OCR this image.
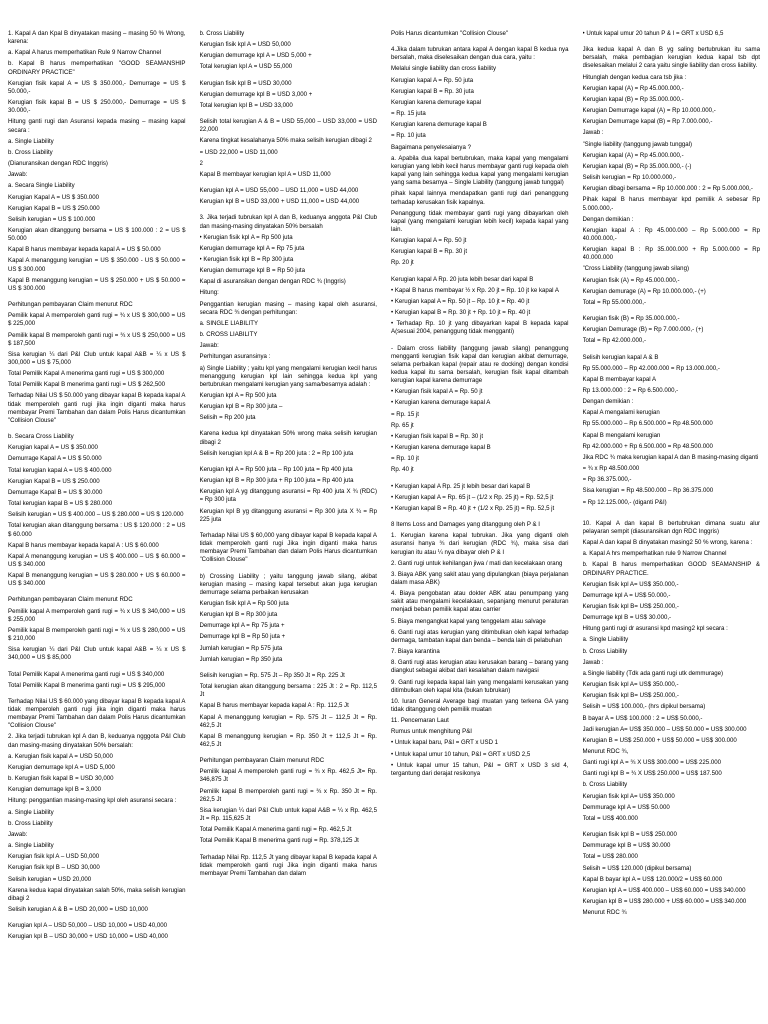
1. Kapal A dan Kpal B dinyatakan masing – masing 50 % Wrong, karena:

a. Kapal A harus memperhatikan Rule 9 Narrow Channel

b. Kapal B harus memperhatikan "GOOD SEAMANSHIP ORDINARY PRACTICE"

Kerugian fisik kapal A = US $ 350.000,- Demurrage = US $ 50.000,-

Kerugian fisik kapal B = US $ 250.000,- Demurrage = US $ 30.000,-

Hitung ganti rugi dan Asuransi kepada masing – masing kapal secara :

a. Single Liability

b. Cross Liability

(Dianuransikan dengan RDC Inggris)

Jawab:

a. Secara Single Liability

Kerugian Kapal A = US $ 350.000

Kerugian Kapal B = US $ 250.000

Selisih kerugian = US $ 100.000

Kerugian akan ditanggung bersama = US $ 100.000 : 2 = US $ 50.000

Kapal B harus membayar kepada kapal A = US $ 50.000

Kapal A menanggung kerugian = US $ 350.000 - US $ 50.000 = US $ 300.000

Kapal B menanggung kerugian = US $ 250.000 + US $ 50.000 = US $ 300.000

Perhitungan pembayaran Claim menurut RDC

Pemilik kapal A memperoleh ganti rugi = ¾ x US $ 300,000 = US $ 225,000

Pemilik kapal B memperoleh ganti rugi = ¾ x US $ 250,000 = US $ 187,500

Sisa kerugian ¼ dari P&I Club untuk kapal A&B = ¼ x US $ 300,000 = US $ 75,000

Total Pemilik Kapal A menerima ganti rugi = US $ 300,000

Total Pemilik Kapal B menerima ganti rugi = US $ 262,500

Terhadap Nilai US $ 50.000 yang dibayar kapal B kepada kapal A tidak memperoleh ganti rugi jika ingin diganti maka harus membayar Premi Tambahan dan dalam Polis Harus dicantumkan "Collision Clouse"

b. Secara Cross Liability

Kerugian kapal A = US $ 350.000

Demurrage Kapal A = US $ 50.000

Total kerugian kapal A = US $ 400.000

Kerugian Kapal B = US $ 250.000

Demurrage Kapal B = US $ 30.000

Total kerugian kapal B = US $ 280.000

Selisih kerugian = US $ 400.000 – US $ 280.000 = US $ 120.000

Total kerugian akan ditanggung bersama : US $ 120.000 : 2 = US $ 60.000

Kapal B harus membayar kepada kapal A : US $ 60.000

Kapal A menanggung kerugian = US $ 400.000 – US $ 60.000 = US $ 340.000

Kapal B menanggung kerugian = US $ 280.000 + US $ 60.000 = US $ 340.000

Perhitungan pembayaran Claim menurut RDC

Pemilik kapal A memperoleh ganti rugi = ¾ x US $ 340,000 = US $ 255,000

Pemilik kapal B memperoleh ganti rugi = ¾ x US $ 280,000 = US $ 210,000

Sisa kerugian ¼ dari P&I Club untuk kapal A&B = ¼ x US $ 340,000 = US $ 85,000

Total Pemilik Kapal A menerima ganti rugi = US $ 340,000

Total Pemilik Kapal B menerima ganti rugi = US $ 295,000

Terhadap Nilai US $ 60.000 yang dibayar kapal B kepada kapal A tidak memperoleh ganti rugi jika ingin diganti maka harus membayar Premi Tambahan dan dalam Polis Harus dicantumkan "Collision Clouse"

2. Jika terjadi tubrukan kpl A dan B, keduanya ngggota P&I Club dan masing-masing dinyatakan 50% bersalah:

a. Kerugian fisik kapal A = USD 50,000

Kerugian demurrage kpl A = USD 5,000

b. Kerugian fisik kapal B = USD 30,000

Kerugian demurrage kpl B = 3,000

Hitung: penggantian masing-masing kpl oleh asuransi secara :

a. Single Liability

b. Cross Liability

Jawab:

a. Single Liability

Kerugian fisik kpl A – USD 50,000

Kerugian fisik kpl B – USD 30,000

Selisih kerugian = USD 20,000

Karena kedua kapal dinyatakan salah 50%, maka selisih kerugian dibagi 2

Selisih kerugian A & B = USD 20,000 = USD 10,000

Kerugian kpl A – USD 50,000 – USD 10,000 = USD 40,000

Kerugian kpl B – USD 30,000 + USD 10,000 = USD 40,000

b. Cross Liability

Kerugian fisik kpl A = USD 50,000

Kerugian demurrage kpl A = USD 5,000 +

Total kerugian kpl A = USD 55,000

Kerugian fisik kpl B = USD 30,000

Kerugian demurrage kpl B = USD 3,000 +

Total kerugian kpl B = USD 33,000

Selisih total kerugian A & B = USD 55,000 – USD 33,000 = USD 22,000

Karena tingkat kesalahanya 50% maka selisih kerugian dibagi 2

= USD 22,000 = USD 11,000

2

Kapal B membayar kerugian kpl A = USD 11,000

Kerugian kpl A = USD 55,000 – USD 11,000 = USD 44,000

Kerugian kpl B = USD 33,000 + USD 11,000 = USD 44,000

3. Jika terjadi tubrukan kpl A dan B, keduanya anggota P&I Club dan masing-masing dinyatakan 50% bersalah

• Kerugian fisik kpl A = Rp 500 juta

Kerugian demurrage kpl A = Rp 75 juta

• Kerugian fisik kpl B = Rp 300 juta

Kerugian demurrage kpl B = Rp 50 juta

Kapal di asuransikan dengan dengan RDC ¾ (Inggris)

Hitung:

Penggantian kerugian masing – masing kapal oleh asuransi, secara RDC ¾ dengan perhitungan:

a. SINGLE LIABILITY

b. CROSS LIABILITY

Jawab:

Perhitungan asuransinya :

a) Single Liability ; yaitu kpl yang mengalami kerugian kecil harus menanggung kerugian kpl lain sehingga kedua kpl yang bertubrukan mengalami kerugian yang sama/besarnya adalah :

Kerugian kpl A = Rp 500 juta

Kerugian kpl B = Rp 300 juta –

Selisih = Rp 200 juta

Karena kedua kpl dinyatakan 50% wrong maka selisih kerugian dibagi 2

Selisih kerugian kpl A & B = Rp 200 juta : 2 = Rp 100 juta

Kerugian kpl A = Rp 500 juta – Rp 100 juta = Rp 400 juta

Kerugian kpl B = Rp 300 juta + Rp 100 juta = Rp 400 juta

Kerugian kpl A yg ditanggung asuransi = Rp 400 juta X ¾ (RDC) = Rp 300 juta

Kerugian kpl B yg ditanggung asuransi = Rp 300 juta X ¾ = Rp 225 juta

Terhadap Nilai US $ 60,000 yang dibayar kapal B kepada kapal A tidak memperoleh ganti rugi Jika ingin diganti maka harus membayar Premi Tambahan dan dalam Polis Harus dicantumkan "Collision Clouse"

b) Crossing Liability ; yaitu tanggung jawab silang, akibat kerugian masing – masing kapal tersebut akan juga kerugian demurrage selama perbaikan kerusakan

Kerugian fisik kpl A = Rp 500 juta

Kerugian kpl B = Rp 300 juta

Demurrage kpl A = Rp 75 juta +

Demurrage kpl B = Rp 50 juta +

Jumlah kerugian = Rp 575 juta

Jumlah kerugian = Rp 350 juta

Selisih kerugian = Rp. 575 Jt – Rp 350 Jt = Rp. 225 Jt

Total kerugian akan ditanggung bersama : 225 Jt : 2 = Rp. 112,5 Jt

Kapal B harus membayar kepada kapal A : Rp. 112,5 Jt

Kapal A menanggung kerugian = Rp. 575 Jt – 112,5 Jt = Rp. 462,5 Jt

Kapal B menanggung kerugian = Rp. 350 Jt + 112,5 Jt = Rp. 462,5 Jt

Perhitungan pembayaran Claim menurut RDC

Pemilik kapal A memperoleh ganti rugi = ¾ x Rp. 462,5 Jt= Rp. 346,875 Jt

Pemilik kapal B memperoleh ganti rugi = ¾ x Rp. 350 Jt = Rp. 262,5 Jt

Sisa kerugian ¼ dari P&I Club untuk kapal A&B = ¼ x Rp. 462,5 Jt = Rp. 115,625 Jt

Total Pemilik Kapal A menerima ganti rugi = Rp. 462,5 Jt

Total Pemilik Kapal B menerima ganti rugi = Rp. 378,125 Jt

Terhadap Nilai Rp. 112,5 Jt yang dibayar kapal B kepada kapal A tidak memperoleh ganti rugi Jika ingin diganti maka harus membayar Premi Tambahan dan dalam

Polis Harus dicantumkan "Collision Clouse"

4.Jika dalam tubrukan antara kapal A dengan kapal B kedua nya bersalah, maka diselesaikan dengan dua cara, yaitu :

Melalui single liability dan cross liability

Kerugian kapal A = Rp. 50 juta

Kerugian kapal B = Rp. 30 juta

Kerugian karena demurage kapal

= Rp. 15 juta

Kerugian karena demurage kapal B

= Rp. 10 juta

Bagaimana penyelesaianya ?

a. Apabila dua kapal bertubrukan, maka kapal yang mengalami kerugian yang lebih kecil harus membayar ganti rugi kepada oleh kapal yang lain sehingga kedua kapal yang mengalami kerugian yang sama besarnya – Single Liability (tanggung jawab tunggal)

pihak kapal lainnya mendapatkan ganti rugi dari penanggung terhadap kerusakan fisik kapalnya.

Penanggung tidak membayar ganti rugi yang dibayarkan oleh kapal (yang mengalami kerugian lebih kecil) kepada kapal yang lain.

Kerugian kapal A = Rp. 50 jt

Kerugian kapal B = Rp. 30 jt

Rp. 20 jt

Kerugian kapal A Rp. 20 juta lebih besar dari kapal B

• Kapal B harus membayar ½ x Rp. 20 jt = Rp. 10 jt ke kapal A

• Kerugian kapal A = Rp. 50 jt – Rp. 10 jt = Rp. 40 jt

• Kerugian kapal B = Rp. 30 jt + Rp. 10 jt = Rp. 40 jt

• Terhadap Rp. 10 jt yang dibayarkan kapal B kepada kapal A(sesuai 2004, penanggung tidak mengganti)

- Dalam cross liability (tanggung jawab silang) penanggung mengganti kerugian fisik kapal dan kerugian akibat demurrage, selama perbaikan kapal (repair atau re docking) dengan kondisi kedua kapal itu sama bersalah, kerugian fisik kapal ditambah kerugian kapal karena demurrage

• Kerugian fisik kapal A = Rp. 50 jt

• Kerugian karena demurage kapal A

= Rp. 15 jt

Rp. 65 jt

• Kerugian fisik kapal B = Rp. 30 jt

• Kerugian karena demurage kapal B

= Rp. 10 jt

Rp. 40 jt

• Kerugian kapal A Rp. 25 jt lebih besar dari kapal B

• Kerugian kapal A = Rp. 65 jt – (1/2 x Rp. 25 jt) = Rp. 52,5 jt

• Kerugian kapal B = Rp. 40 jt + (1/2 x Rp. 25 jt) = Rp. 52,5 jt

8 Items Loss and Damages yang ditanggung oleh P & I

1. Kerugian karena kapal tubrukan. Jika yang diganti oleh asuransi hanya ¾ dari kerugian (RDC ¾), maka sisa dari kerugian itu atau ¼ nya dibayar oleh P & I

2. Ganti rugi untuk kehilangan jiwa / mati dan kecelakaan orang

3. Biaya ABK yang sakit atau yang dipulangkan (biaya perjalanan dalam masa ABK)

4. Biaya pengobatan atau dokter ABK atau penumpang yang sakit atau mengalami kecelakaan, sepanjang menurut peraturan menjadi beban pemilik kapal atau carrier

5. Biaya mengangkat kapal yang tenggelam atau salvage

6. Ganti rugi atas kerugian yang ditimbulkan oleh kapal terhadap dermaga, tambatan kapal dan benda – benda lain di pelabuhan

7. Biaya karantina

8. Ganti rugi atas kerugian atau kerusakan barang – barang yang diangkut sebagai akibat dari kesalahan dalam navigasi

9. Ganti rugi kepada kapal lain yang mengalami kerusakan yang ditimbulkan oleh kapal kita (bukan tubrukan)

10. Iuran General Average bagi muatan yang terkena GA yang tidak ditanggung oleh pemilik muatan

11. Pencemaran Laut

Rumus untuk menghitung P&I

• Untuk kapal baru, P&I = GRT x USD 1

• Untuk kapal umur 10 tahun, P&I = GRT x USD 2,5

• Untuk kapal umur 15 tahun, P&I = GRT x USD 3 s/d 4, tergantung dari derajat resikonya

• Untuk kapal umur 20 tahun P & I = GRT x USD 6,5

Jika kedua kapal A dan B yg saling bertubrukan itu sama bersalah, maka pembagian kerugian kedua kapal tsb dpt diselesaikan melalui 2 cara yaitu single liability dan cross liability.

Hitunglah dengan kedua cara tsb jika :

Kerugian kapal (A) = Rp 45.000.000,-

Kerugian kapal (B) = Rp 35.000.000,-

Kerugian Demurrage kapal (A) = Rp 10.000.000,-

Kerugian Demurrage kapal (B) = Rp 7.000.000,-

Jawab :

"Single liability (tanggung jawab tunggal)

Kerugian kapal (A) = Rp 45.000.000,-

Kerugian kapal (B) = Rp 35.000.000,- (-)

Selisih kerugian = Rp 10.000.000,-

Kerugian dibagi bersama = Rp 10.000.000 : 2 = Rp 5.000.000,-

Pihak kapal B harus membayar kpd pemilik A sebesar Rp 5.000.000,-

Dengan demikian :

Kerugian kapal A : Rp 45.000.000 – Rp 5.000.000 = Rp 40.000.000,-

Kerugian kapal B : Rp 35.000.000 + Rp 5.000.000 = Rp 40.000.000

"Cross Liability (tanggung jawab silang)

Kerugian fisik (A) = Rp 45.000.000,-

Kerugian demurage (A) = Rp 10.000.000,- (+)

Total = Rp 55.000.000,-

Kerugian fisik (B) = Rp 35.000.000,-

Kerugian Demurage (B) = Rp 7.000.000,- (+)

Total = Rp 42.000.000,-

Selisih kerugian kapal A & B

Rp 55.000.000 – Rp 42.000.000 = Rp 13.000.000,-

Kapal B membayar kapal A

Rp 13.000.000 : 2 = Rp 6.500.000,-

Dengan demikian :

Kapal A mengalami kerugian

Rp 55.000.000 – Rp 6.500.000 = Rp 48.500.000

Kapal B mengalami kerugian

Rp 42.000.000 + Rp 6.500.000 = Rp 48.500.000

Jika RDC ¾ maka kerugian kapal A dan B masing-masing diganti

= ¾ x Rp 48.500.000

= Rp 36.375.000,-

Sisa kerugian = Rp 48.500.000 – Rp 36.375.000

= Rp 12.125.000,- (diganti P&I)

10. Kapal A dan kapal B bertubrukan dimana suatu alur pelayaran sempit (diasuransikan dgn RDC Inggris)

Kapal A dan kapal B dinyatakan masing2 50 % wrong, karena :

a. Kapal A hrs memperhatikan rule 9 Narrow Channel

b. Kapal B harus memperhatikan GOOD SEAMANSHIP & ORDINARY PRACTICE.

Kerugian fisik kpl A= US$ 350.000,-

Demurrage kpl A = US$ 50.000,-

Kerugian fisik kpl B= US$ 250.000,-

Demurrage kpl B = US$ 30.000,-

Hitung ganti rugi dr asuransi kpd masing2 kpl secara :

a. Single Liability

b. Cross Liability

Jawab :

a.Single liability (Tdk ada ganti rugi utk demmurage)

Kerugian fisik kpl A= US$ 350.000,-

Kerugian fisik kpl B= US$ 250.000,-

Selisih = US$ 100.000,- (hrs dipikul bersama)

B bayar A = US$ 100.000 : 2 = US$ 50.000,-

Jadi kerugian A= US$ 350.000 – US$ 50.000 = US$ 300.000

Kerugian B = US$ 250.000 + US$ 50.000 = US$ 300.000

Menurut RDC ¾,

Ganti rugi kpl A = ¾ X US$ 300.000 = US$ 225.000

Ganti rugi kpl B = ¾ X US$ 250.000 = US$ 187.500

b. Cross Liability

Kerugian fisik kpl A= US$ 350.000

Demmurage kpl A = US$ 50.000

Total = US$ 400.000

Kerugian fisik kpl B = US$ 250.000

Demmurage kpl B = US$ 30.000

Total = US$ 280.000

Selisih = US$ 120.000 (dipikul bersama)

Kapal B bayar kpl A = US$ 120.000/2 = US$ 60.000

Kerugian kpl A = US$ 400.000 – US$ 60.000 = US$ 340.000

Kerugian kpl B = US$ 280.000 + US$ 60.000 = US$ 340.000

Menurut RDC ¾
